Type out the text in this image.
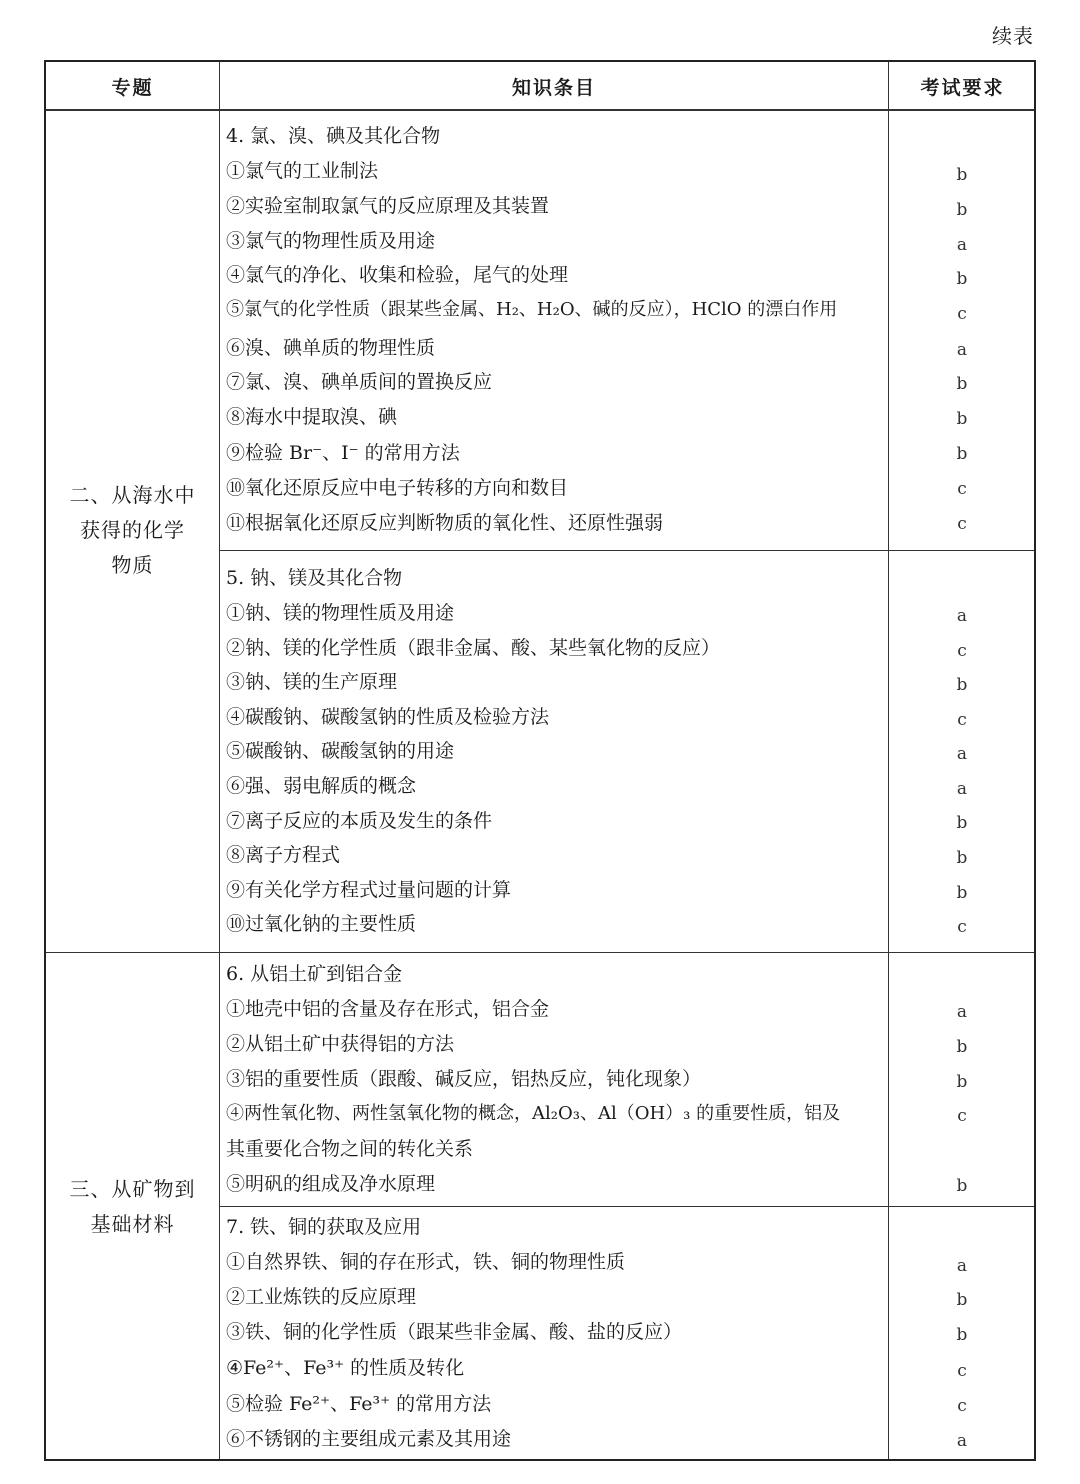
续表
专题	知识条目	考试要求
二、从海水中
获得的化学
物质
三、从矿物到
基础材料
4. 氯、溴、碘及其化合物
①氯气的工业制法	b
②实验室制取氯气的反应原理及其装置	b
③氯气的物理性质及用途	a
④氯气的净化、收集和检验，尾气的处理	b
⑤氯气的化学性质（跟某些金属、H₂、H₂O、碱的反应），HClO 的漂白作用	c
⑥溴、碘单质的物理性质	a
⑦氯、溴、碘单质间的置换反应	b
⑧海水中提取溴、碘	b
⑨检验 Br⁻、I⁻ 的常用方法	b
⑩氧化还原反应中电子转移的方向和数目	c
⑪根据氧化还原反应判断物质的氧化性、还原性强弱	c
5. 钠、镁及其化合物
①钠、镁的物理性质及用途	a
②钠、镁的化学性质（跟非金属、酸、某些氧化物的反应）	c
③钠、镁的生产原理	b
④碳酸钠、碳酸氢钠的性质及检验方法	c
⑤碳酸钠、碳酸氢钠的用途	a
⑥强、弱电解质的概念	a
⑦离子反应的本质及发生的条件	b
⑧离子方程式	b
⑨有关化学方程式过量问题的计算	b
⑩过氧化钠的主要性质	c
6. 从铝土矿到铝合金
①地壳中铝的含量及存在形式，铝合金	a
②从铝土矿中获得铝的方法	b
③铝的重要性质（跟酸、碱反应，铝热反应，钝化现象）	b
④两性氧化物、两性氢氧化物的概念，Al₂O₃、Al（OH）₃ 的重要性质，铝及	c
其重要化合物之间的转化关系
⑤明矾的组成及净水原理	b
7. 铁、铜的获取及应用
①自然界铁、铜的存在形式，铁、铜的物理性质	a
②工业炼铁的反应原理	b
③铁、铜的化学性质（跟某些非金属、酸、盐的反应）	b
④Fe²⁺、Fe³⁺ 的性质及转化	c
⑤检验 Fe²⁺、Fe³⁺ 的常用方法	c
⑥不锈钢的主要组成元素及其用途	a
